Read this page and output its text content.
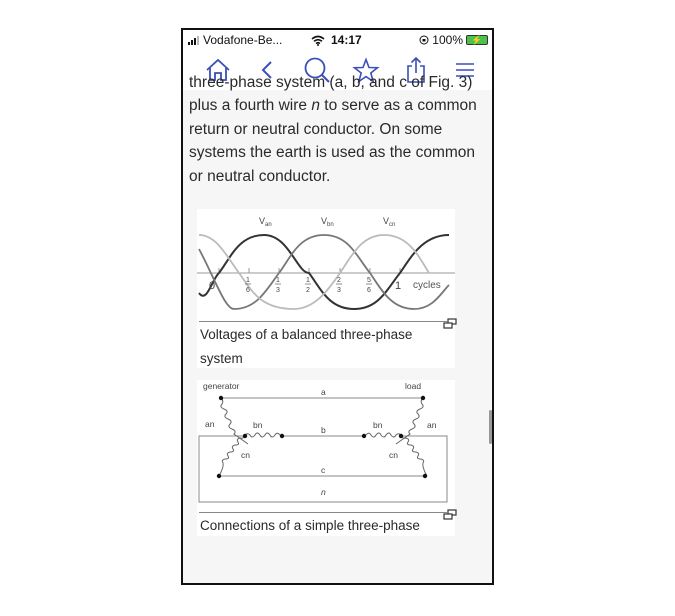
Vodafone-Be...	14:17	100% ⚡
three-phase system (a, b, and c of Fig. 3)
plus a fourth wire n to serve as a common
return or neutral conductor. On some
systems the earth is used as the common
or neutral conductor.
$V_{an}$	$V_{bn}$	$V_{cn}$
0	1
6
1
3
1
2
2
3
5
6 1 cycles
Voltages of a balanced three-phase
system
generator	load
a
b
c
n
an	bn
cn
an
bn
cn
Connections of a simple three-phase
